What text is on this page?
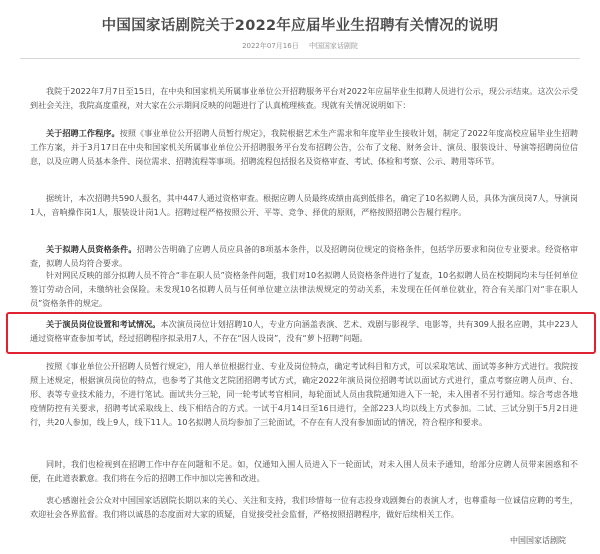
中国国家话剧院关于2022年应届毕业生招聘有关情况的说明
2022年07月16日 中国国家话剧院
我院于2022年7月7日至15日，在中央和国家机关所属事业单位公开招聘服务平台对2022年应届毕业生拟聘人员进行公示，现公示结束。这次公示受到社会关注，我院高度重视，对大家在公示期间反映的问题进行了认真梳理核查。现就有关情况说明如下：
关于招聘工作程序。按照《事业单位公开招聘人员暂行规定》，我院根据艺术生产需求和年度毕业生接收计划，制定了2022年度高校应届毕业生招聘工作方案，并于3月17日在中央和国家机关所属事业单位公开招聘服务平台发布招聘公告，公布了文秘、财务会计、演员、服装设计、导演等招聘岗位信息，以及应聘人员基本条件、岗位需求、招聘流程等事项。招聘流程包括报名及资格审查、考试、体检和考察、公示、聘用等环节。
据统计，本次招聘共590人报名，其中447人通过资格审查。根据应聘人员最终成绩由高到低排名，确定了10名拟聘人员，具体为演员岗7人，导演岗1人，音响操作岗1人，服装设计岗1人。招聘过程严格按照公开、平等、竞争、择优的原则，严格按照招聘公告履行程序。
关于拟聘人员资格条件。招聘公告明确了应聘人员应具备的8项基本条件，以及招聘岗位规定的资格条件，包括学历要求和岗位专业要求。经资格审查，拟聘人员均符合要求。
针对网民反映的部分拟聘人员不符合“非在职人员”资格条件问题，我们对10名拟聘人员资格条件进行了复查，10名拟聘人员在校期间均未与任何单位签订劳动合同，未缴纳社会保险。未发现10名拟聘人员与任何单位建立法律法规规定的劳动关系，未发现在任何单位就业，符合有关部门对“非在职人员”资格条件的规定。
关于演员岗位设置和考试情况。本次演员岗位计划招聘10人，专业方向涵盖表演、艺术、戏剧与影视学、电影等，共有309人报名应聘，其中223人通过资格审查参加考试，经过招聘程序拟录用7人，不存在“因人设岗”，没有“萝卜招聘”问题。
按照《事业单位公开招聘人员暂行规定》，用人单位根据行业、专业及岗位特点，确定考试科目和方式，可以采取笔试、面试等多种方式进行。我院按照上述规定，根据演员岗位的特点，也参考了其他文艺院团招聘考试方式，确定2022年演员岗位招聘考试以面试方式进行，重点考察应聘人员声、台、形、表等专业技术能力，不进行笔试。面试共分三轮，同一轮考试考官相同，每轮面试人员由我院通知进入下一轮，未入围者不另行通知。综合考虑各地疫情防控有关要求，招聘考试采取线上、线下相结合的方式。一试于4月14日至16日进行，全部223人均以线上方式参加。二试、三试分别于5月2日进行，共20人参加，线上9人，线下11人。10名拟聘人员均参加了三轮面试，不存在有人没有参加面试的情况，符合程序和要求。
同时，我们也检视到在招聘工作中存在问题和不足。如，仅通知入围人员进入下一轮面试，对未入围人员未予通知，给部分应聘人员带来困惑和不便，在此道表歉意。我们将在今后的招聘工作中加以完善和改进。
衷心感谢社会公众对中国国家话剧院长期以来的关心、关注和支持，我们珍惜每一位有志投身戏剧舞台的表演人才，也尊重每一位诚信应聘的考生，欢迎社会各界监督。我们将以诚恳的态度面对大家的质疑，自觉接受社会监督，严格按照招聘程序，做好后续相关工作。
中国国家话剧院
